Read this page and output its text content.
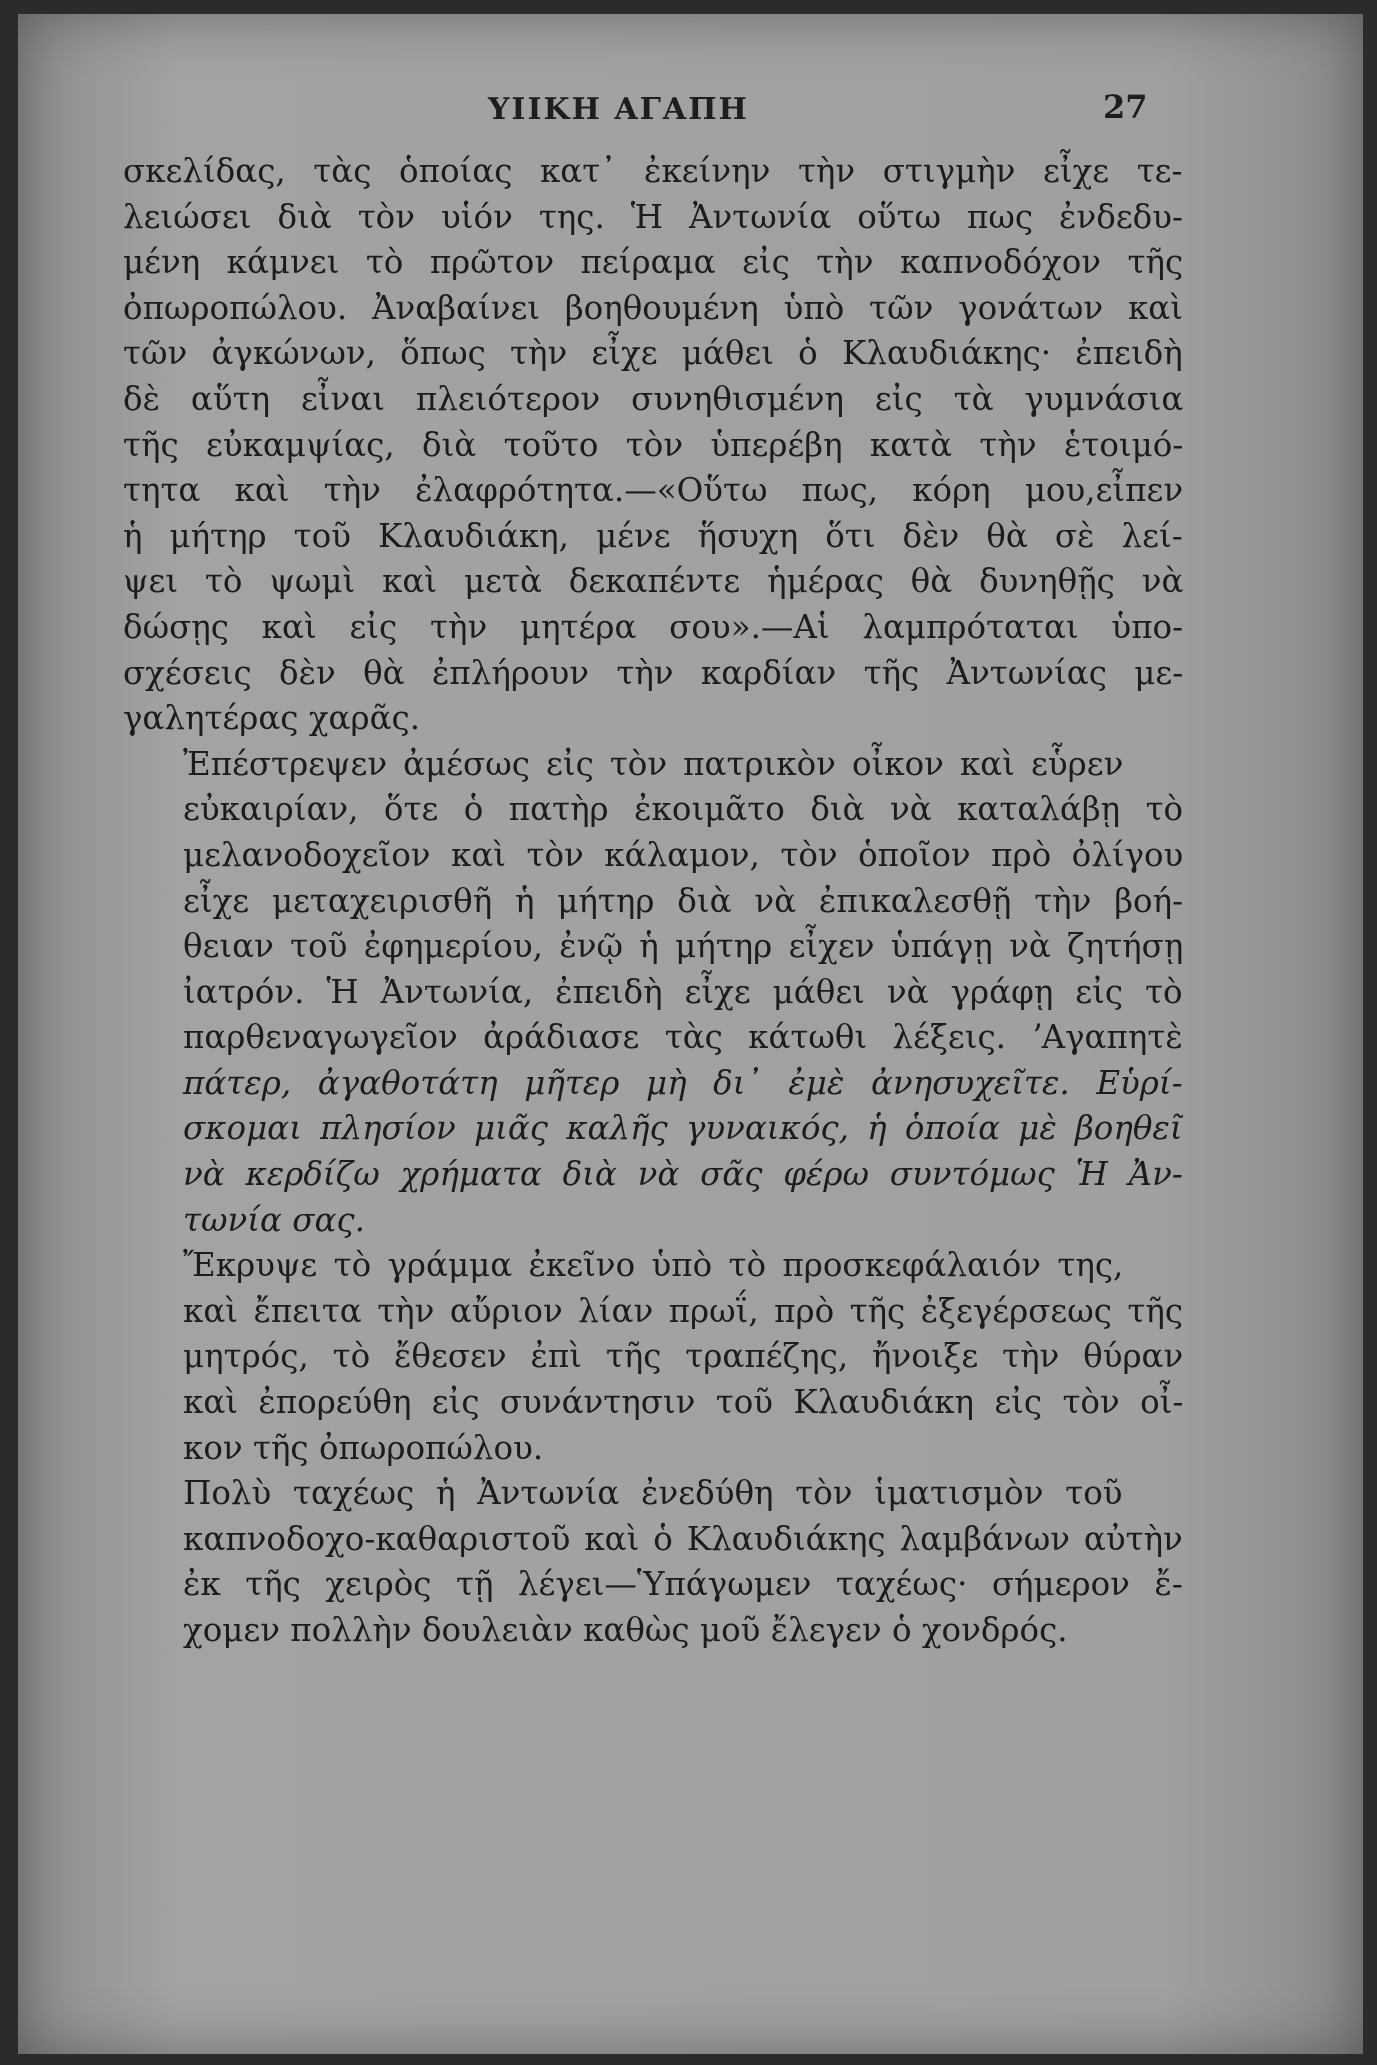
ΥΙΙΚΗ ΑΓΑΠΗ	27

σκελίδας, τὰς ὁποίας κατ᾽ ἐκείνην τὴν στιγμὴν εἶχε τε-
λειώσει διὰ τὸν υἱόν της. Ἡ Ἀντωνία οὕτω πως ἐνδεδυ-
μένη κάμνει τὸ πρῶτον πείραμα εἰς τὴν καπνοδόχον τῆς
ὀπωροπώλου. Ἀναβαίνει βοηθουμένη ὑπὸ τῶν γονάτων καὶ
τῶν ἀγκώνων, ὅπως τὴν εἶχε μάθει ὁ Κλαυδιάκης· ἐπειδὴ
δὲ αὕτη εἶναι πλειότερον συνηθισμένη εἰς τὰ γυμνάσια
τῆς εὐκαμψίας, διὰ τοῦτο τὸν ὑπερέβη κατὰ τὴν ἑτοιμό-
τητα καὶ τὴν ἐλαφρότητα.—«Οὕτω πως, κόρη μου,εἶπεν
ἡ μήτηρ τοῦ Κλαυδιάκη, μένε ἥσυχη ὅτι δὲν θὰ σὲ λεί-
ψει τὸ ψωμὶ καὶ μετὰ δεκαπέντε ἡμέρας θὰ δυνηθῇς νὰ
δώσῃς καὶ εἰς τὴν μητέρα σου».—Αἱ λαμπρόταται ὑπο-
σχέσεις δὲν θὰ ἐπλήρουν τὴν καρδίαν τῆς Ἀντωνίας με-
γαλητέρας χαρᾶς.

Ἐπέστρεψεν ἀμέσως εἰς τὸν πατρικὸν οἶκον καὶ εὗρεν
εὐκαιρίαν, ὅτε ὁ πατὴρ ἐκοιμᾶτο διὰ νὰ καταλάβῃ τὸ
μελανοδοχεῖον καὶ τὸν κάλαμον, τὸν ὁποῖον πρὸ ὀλίγου
εἶχε μεταχειρισθῆ ἡ μήτηρ διὰ νὰ ἐπικαλεσθῇ τὴν βοή-
θειαν τοῦ ἐφημερίου, ἐνῷ ἡ μήτηρ εἶχεν ὑπάγῃ νὰ ζητήσῃ
ἰατρόν. Ἡ Ἀντωνία, ἐπειδὴ εἶχε μάθει νὰ γράφῃ εἰς τὸ
παρθεναγωγεῖον ἀράδιασε τὰς κάτωθι λέξεις. ʼΑγαπητὲ
πάτερ, ἀγαθοτάτη μῆτερ μὴ δι᾽ ἐμὲ ἀνησυχεῖτε. Εὑρί-
σκομαι πλησίον μιᾶς καλῆς γυναικός, ἡ ὁποία μὲ βοηθεῖ
νὰ κερδίζω χρήματα διὰ νὰ σᾶς φέρω συντόμως Ἡ Ἀν-
τωνία σας.

Ἔκρυψε τὸ γράμμα ἐκεῖνο ὑπὸ τὸ προσκεφάλαιόν της,
καὶ ἔπειτα τὴν αὔριον λίαν πρωΐ, πρὸ τῆς ἐξεγέρσεως τῆς
μητρός, τὸ ἔθεσεν ἐπὶ τῆς τραπέζης, ἤνοιξε τὴν θύραν
καὶ ἐπορεύθη εἰς συνάντησιν τοῦ Κλαυδιάκη εἰς τὸν οἶ-
κον τῆς ὀπωροπώλου.

Πολὺ ταχέως ἡ Ἀντωνία ἐνεδύθη τὸν ἱματισμὸν τοῦ
καπνοδοχο-καθαριστοῦ καὶ ὁ Κλαυδιάκης λαμβάνων αὐτὴν
ἐκ τῆς χειρὸς τῇ λέγει—Ὑπάγωμεν ταχέως· σήμερον ἔ-
χομεν πολλὴν δουλειὰν καθὼς μοῦ ἔλεγεν ὁ χονδρός.
